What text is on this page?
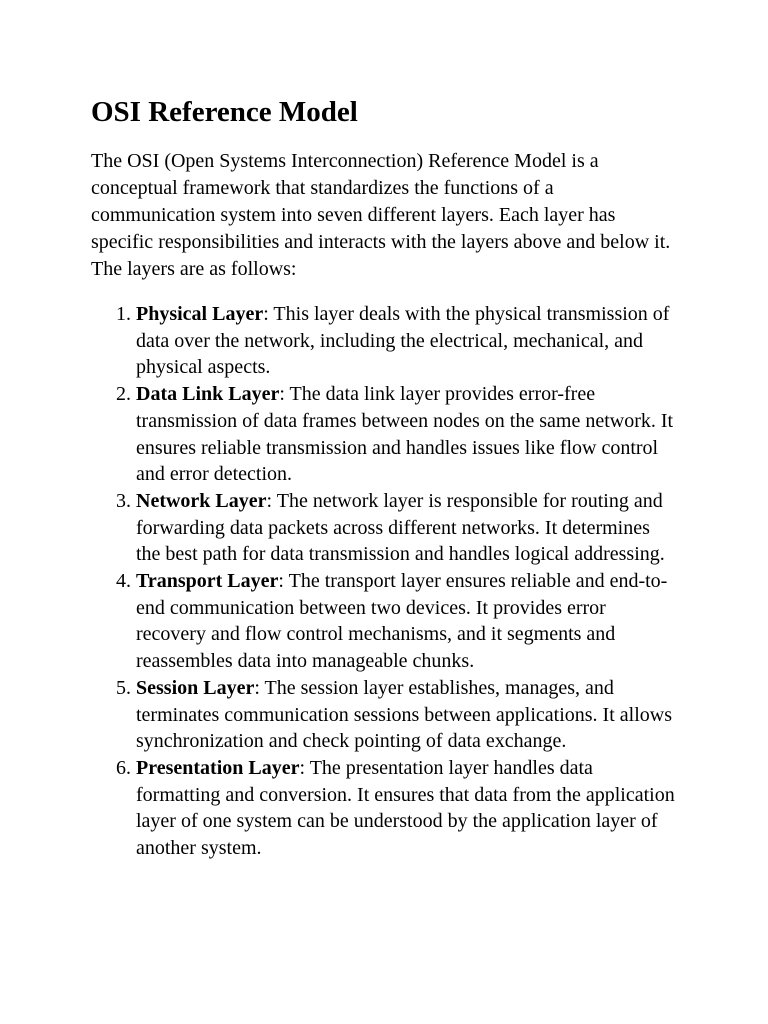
OSI Reference Model

The OSI (Open Systems Interconnection) Reference Model is a conceptual framework that standardizes the functions of a communication system into seven different layers. Each layer has specific responsibilities and interacts with the layers above and below it. The layers are as follows:

1. Physical Layer: This layer deals with the physical transmission of data over the network, including the electrical, mechanical, and physical aspects.
2. Data Link Layer: The data link layer provides error-free transmission of data frames between nodes on the same network. It ensures reliable transmission and handles issues like flow control and error detection.
3. Network Layer: The network layer is responsible for routing and forwarding data packets across different networks. It determines the best path for data transmission and handles logical addressing.
4. Transport Layer: The transport layer ensures reliable and end-to-end communication between two devices. It provides error recovery and flow control mechanisms, and it segments and reassembles data into manageable chunks.
5. Session Layer: The session layer establishes, manages, and terminates communication sessions between applications. It allows synchronization and check pointing of data exchange.
6. Presentation Layer: The presentation layer handles data formatting and conversion. It ensures that data from the application layer of one system can be understood by the application layer of another system.
